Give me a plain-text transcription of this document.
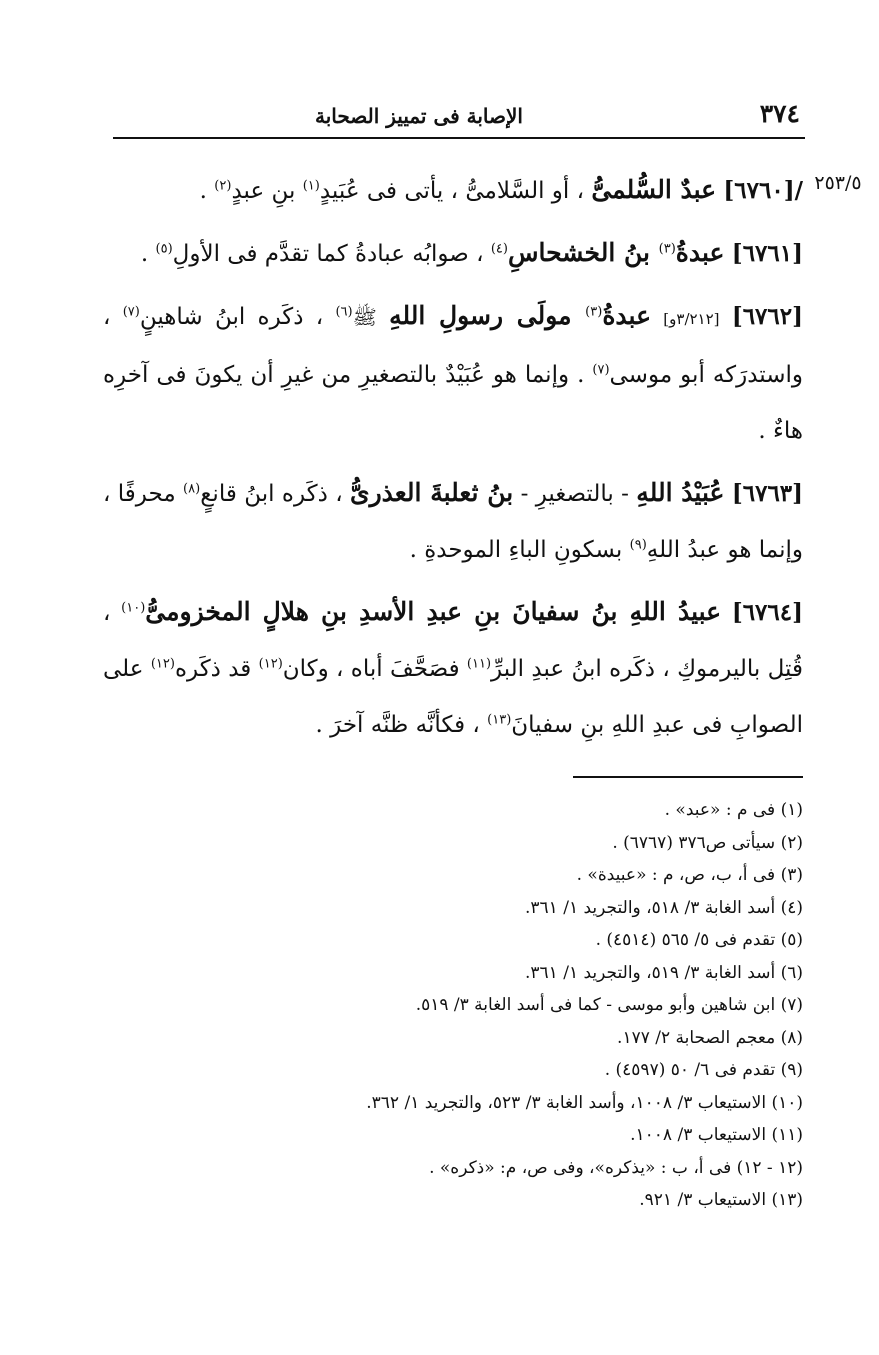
٣٧٤
الإصابة فى تمييز الصحابة
٢٥٣/٥

/[٦٧٦٠] عبدٌ السُّلمىُّ ، أو السَّلامىُّ ، يأتى فى عُبَيدٍ$^{(١)}$ بنِ عبدٍ$^{(٢)}$ .

[٦٧٦١] عبدةُ$^{(٣)}$ بنُ الخشحاسِ$^{(٤)}$ ، صوابُه عبادةُ كما تقدَّم فى الأولِ$^{(٥)}$ .

[٦٧٦٢] [٣/٢١٢و] عبدةُ$^{(٣)}$ مولَى رسولِ اللهِ ﷺ$^{(٦)}$ ، ذكَره ابنُ شاهينٍ$^{(٧)}$ ، واستدرَكه أبو موسى$^{(٧)}$ . وإنما هو عُبَيْدٌ بالتصغيرِ من غيرِ أن يكونَ فى آخرِه هاءٌ .

[٦٧٦٣] عُبَيْدُ اللهِ - بالتصغيرِ - بنُ ثعلبةَ العذرىُّ ، ذكَره ابنُ قانعٍ$^{(٨)}$ محرفًا ، وإنما هو عبدُ اللهِ$^{(٩)}$ بسكونِ الباءِ الموحدةِ .

[٦٧٦٤] عبيدُ اللهِ بنُ سفيانَ بنِ عبدِ الأسدِ بنِ هلالٍ المخزومىُّ$^{(١٠)}$ ، قُتِل باليرموكِ ، ذكَره ابنُ عبدِ البرِّ$^{(١١)}$ فصَحَّفَ أباه ، وكان$^{(١٢)}$ قد ذكَره$^{(١٢)}$ على الصوابِ فى عبدِ اللهِ بنِ سفيانَ$^{(١٣)}$ ، فكأنَّه ظنَّه آخرَ .

(١) فى م : «عبد» .
(٢) سيأتى ص٣٧٦ (٦٧٦٧) .
(٣) فى أ، ب، ص، م : «عبيدة» .
(٤) أسد الغابة ٣/ ٥١٨، والتجريد ١/ ٣٦١.
(٥) تقدم فى ٥/ ٥٦٥ (٤٥١٤) .
(٦) أسد الغابة ٣/ ٥١٩، والتجريد ١/ ٣٦١.
(٧) ابن شاهين وأبو موسى - كما فى أسد الغابة ٣/ ٥١٩.
(٨) معجم الصحابة ٢/ ١٧٧.
(٩) تقدم فى ٦/ ٥٠ (٤٥٩٧) .
(١٠) الاستيعاب ٣/ ١٠٠٨، وأسد الغابة ٣/ ٥٢٣، والتجريد ١/ ٣٦٢.
(١١) الاستيعاب ٣/ ١٠٠٨.
(١٢ - ١٢) فى أ، ب : «يذكره»، وفى ص، م: «ذكره» .
(١٣) الاستيعاب ٣/ ٩٢١.
